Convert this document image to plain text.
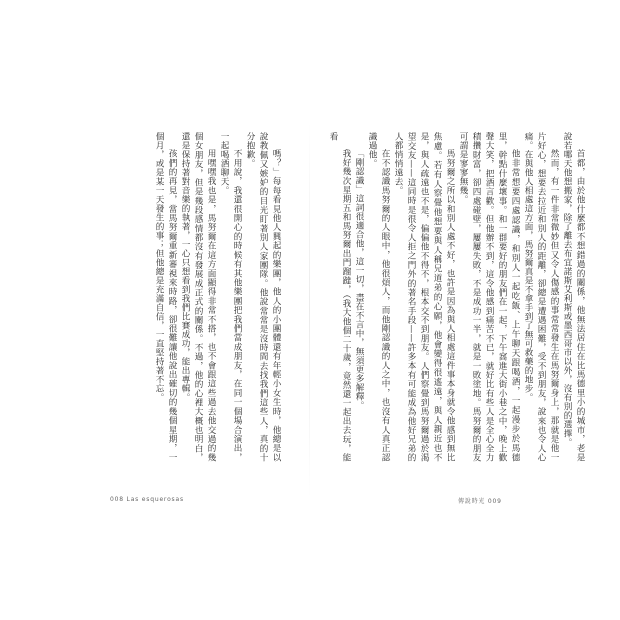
嗎？」每每看見他人興起的樂團，他人的小團體還有年輕小女生時，他總是以說教佩又嫉妒的目光盯著別人家團隊。他說常常是沒時間去找我們這些人，真的十分抱歉。

不用說，我還很開心的時候有其他樂團把我們當成朋友，在同一個場合演出，一起喝酒聊天。

用嘿嘿我也是，馬努爾在這方面顯得非常不搭，也不會跟這些過去他交過的幾個女朋友，但是幾段感情都沒有發展成正式的關係。不過，他的心裡大概也明白，還是保持著對音樂的執著，一心只想看到我們比賽成功，能出專輯。

孩們的再見，當馬努爾重新審視來時路，卻很難讓他說出確切的幾個星期，一個月，或是某一天發生的事；但他總是充滿自信，一直堅持著不忘。	首都，由於他什麼都不想錯過的關係，他無法居住在比馬德里小的城市，老是說若哪天他想搬家，除了離去布宜諾斯艾利斯或墨西哥市以外，沒有別的選擇。

然而，有一件非常微妙但又令人傷感的事常常發生在馬努爾身上，那就是他一片好心，想要去拉近和別人的距離，卻總是遭遇困難，受不到朋友，說來也令人心痛。在與他人相處這方面，馬努爾真是不拿手到了無可救藥的地步。

他非常想要四處認識，和別人一起吃飯、上午聊天跟喝酒，一起漫步於馬德里，幹點什麼壞事。和一群要好的朋友們在一起，下午窩進大街小巷之中，晚上歡聲大笑，把酒言歡。但他辦不到，這令他感到痛苦不已，就好比有些人是全心全力積攢財富，卻四處碰壁，屢屢失敗，不是成功一半，就是一敗塗地。馬努爾的朋友可謂是寥寥無幾。

馬努爾之所以和別人處不好，也許是因為與人相處這件事本身就令他感到無比焦慮。若有人察覺他想要與人稱兄道弟的心願，他會變得很遙遠，與人親近也不是，與人疏遠也不是，偏偏他不得不，根本交不到朋友。人們察覺到馬努爾過於渴望交友——這同時是很令人拒之門外的著名手段——許多本有可能成為他好兄弟的人都悄悄遠去。

在不認識馬努爾的人眼中，他很煩人，而他剛認識的人之中，也沒有人真正認識過他。

「剛認識」這詞很適合他，這一切，盡在不言中，無須更多解釋。

我好幾次星期五和馬努爾出門蹓躂，（我大他個二十歲，竟然還一起出去玩，能看

008 Las esquerosas	傳說時光 009
